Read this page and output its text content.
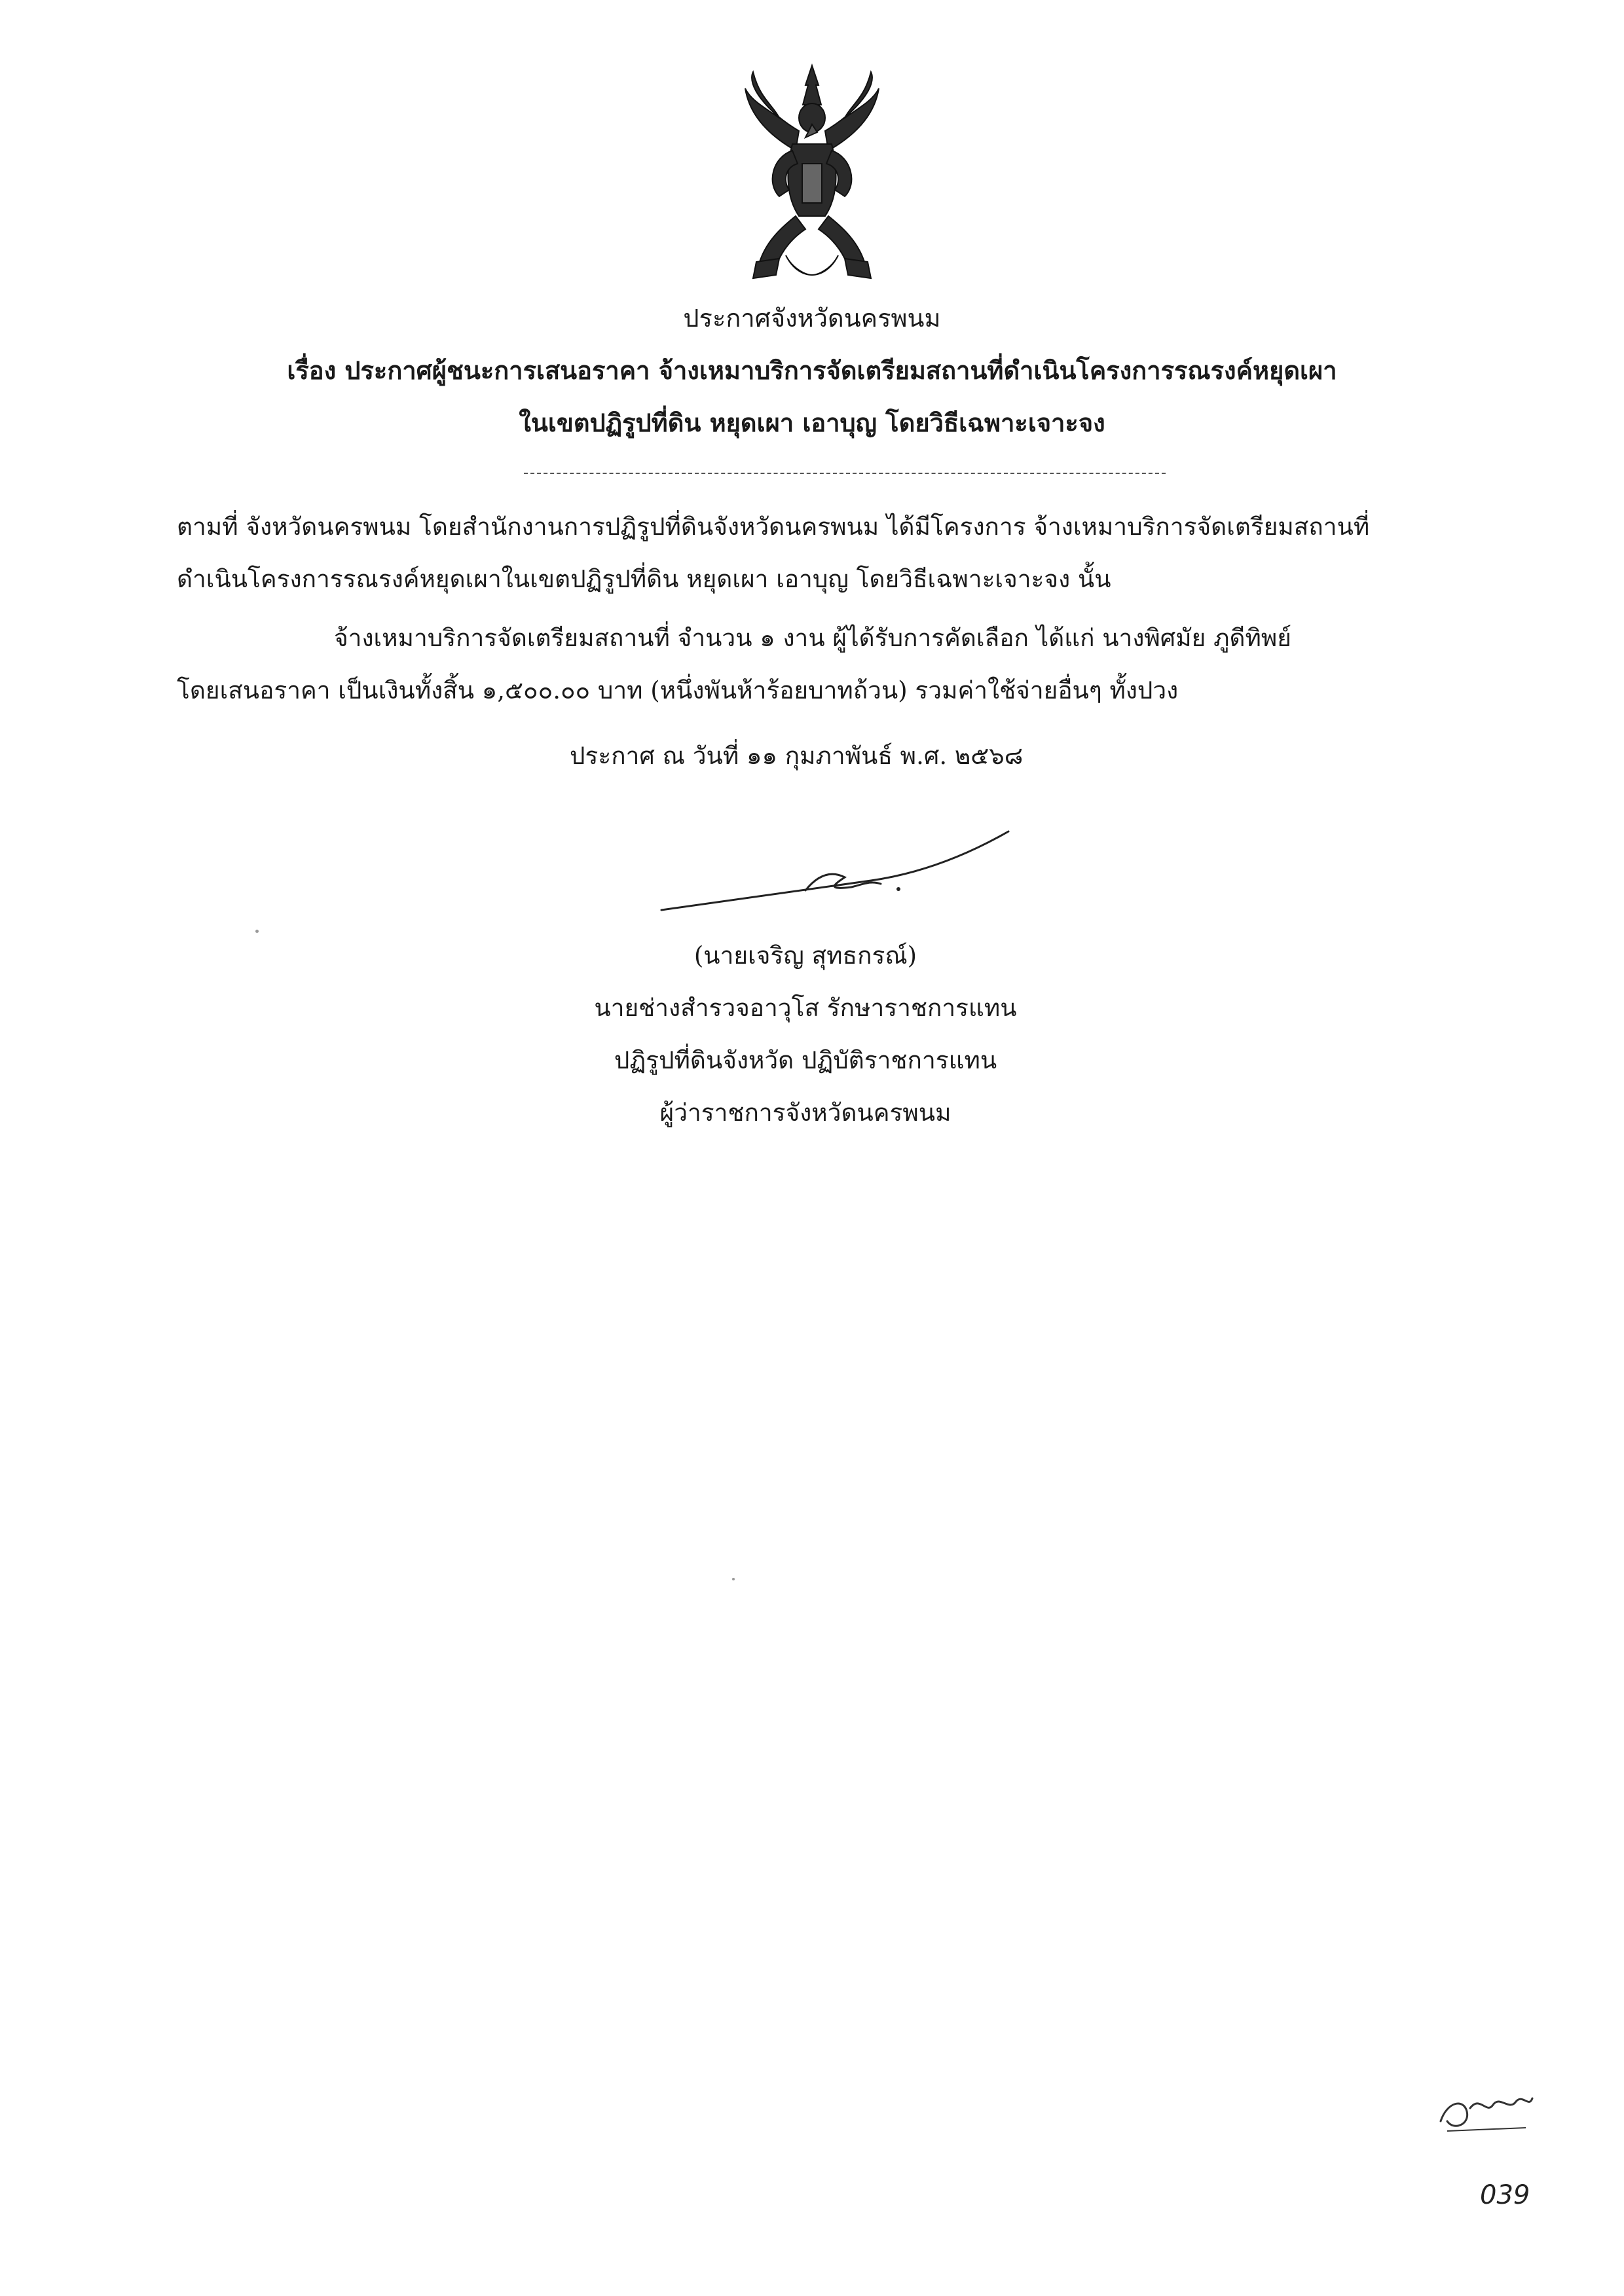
ประกาศจังหวัดนครพนม
เรื่อง ประกาศผู้ชนะการเสนอราคา จ้างเหมาบริการจัดเตรียมสถานที่ดำเนินโครงการรณรงค์หยุดเผา
ในเขตปฏิรูปที่ดิน หยุดเผา เอาบุญ โดยวิธีเฉพาะเจาะจง
ตามที่ จังหวัดนครพนม โดยสำนักงานการปฏิรูปที่ดินจังหวัดนครพนม ได้มีโครงการ จ้างเหมาบริการจัดเตรียมสถานที่
ดำเนินโครงการรณรงค์หยุดเผาในเขตปฏิรูปที่ดิน หยุดเผา เอาบุญ โดยวิธีเฉพาะเจาะจง นั้น
จ้างเหมาบริการจัดเตรียมสถานที่ จำนวน ๑ งาน ผู้ได้รับการคัดเลือก ได้แก่ นางพิศมัย ภูดีทิพย์
โดยเสนอราคา เป็นเงินทั้งสิ้น ๑,๕๐๐.๐๐ บาท (หนึ่งพันห้าร้อยบาทถ้วน) รวมค่าใช้จ่ายอื่นๆ ทั้งปวง
ประกาศ ณ วันที่ ๑๑ กุมภาพันธ์ พ.ศ. ๒๕๖๘
(นายเจริญ สุทธกรณ์)
นายช่างสำรวจอาวุโส รักษาราชการแทน
ปฏิรูปที่ดินจังหวัด ปฏิบัติราชการแทน
ผู้ว่าราชการจังหวัดนครพนม
039
